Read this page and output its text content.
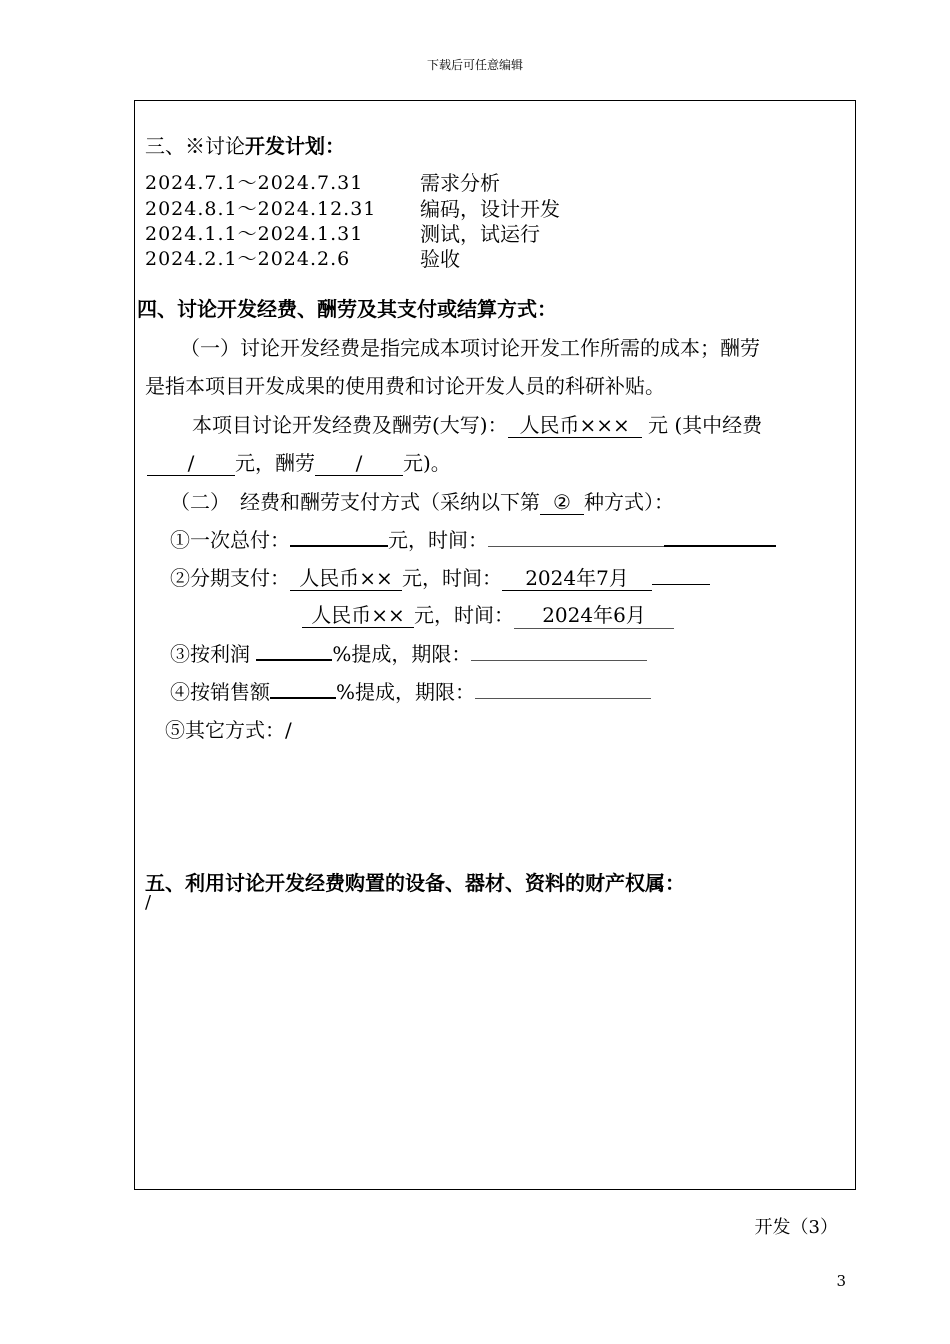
下载后可任意编辑
三、※讨论开发计划：
2024.7.1～2024.7.31	需求分析
2024.8.1～2024.12.31 编码，设计开发
2024.1.1～2024.1.31	测试，试运行
2024.2.1～2024.2.6	验收
四、讨论开发经费、酬劳及其支付或结算方式：
（一）讨论开发经费是指完成本项讨论开发工作所需的成本；酬劳
是指本项目开发成果的使用费和讨论开发人员的科研补贴。
本项目讨论开发经费及酬劳(大写)： 人民币××× 元 (其中经费
/ 元，酬劳 / 元)。
（二）　经费和酬劳支付方式（采纳以下第 ② 种方式）：
①一次总付：	元，时间：
②分期支付： 人民币×× 元，时间： 2024年7月
人民币×× 元，时间： 2024年6月
③按利润	%提成，期限：
④按销售额	%提成，期限：
⑤其它方式：/
五、利用讨论开发经费购置的设备、器材、资料的财产权属：
/
开发（3）
3
